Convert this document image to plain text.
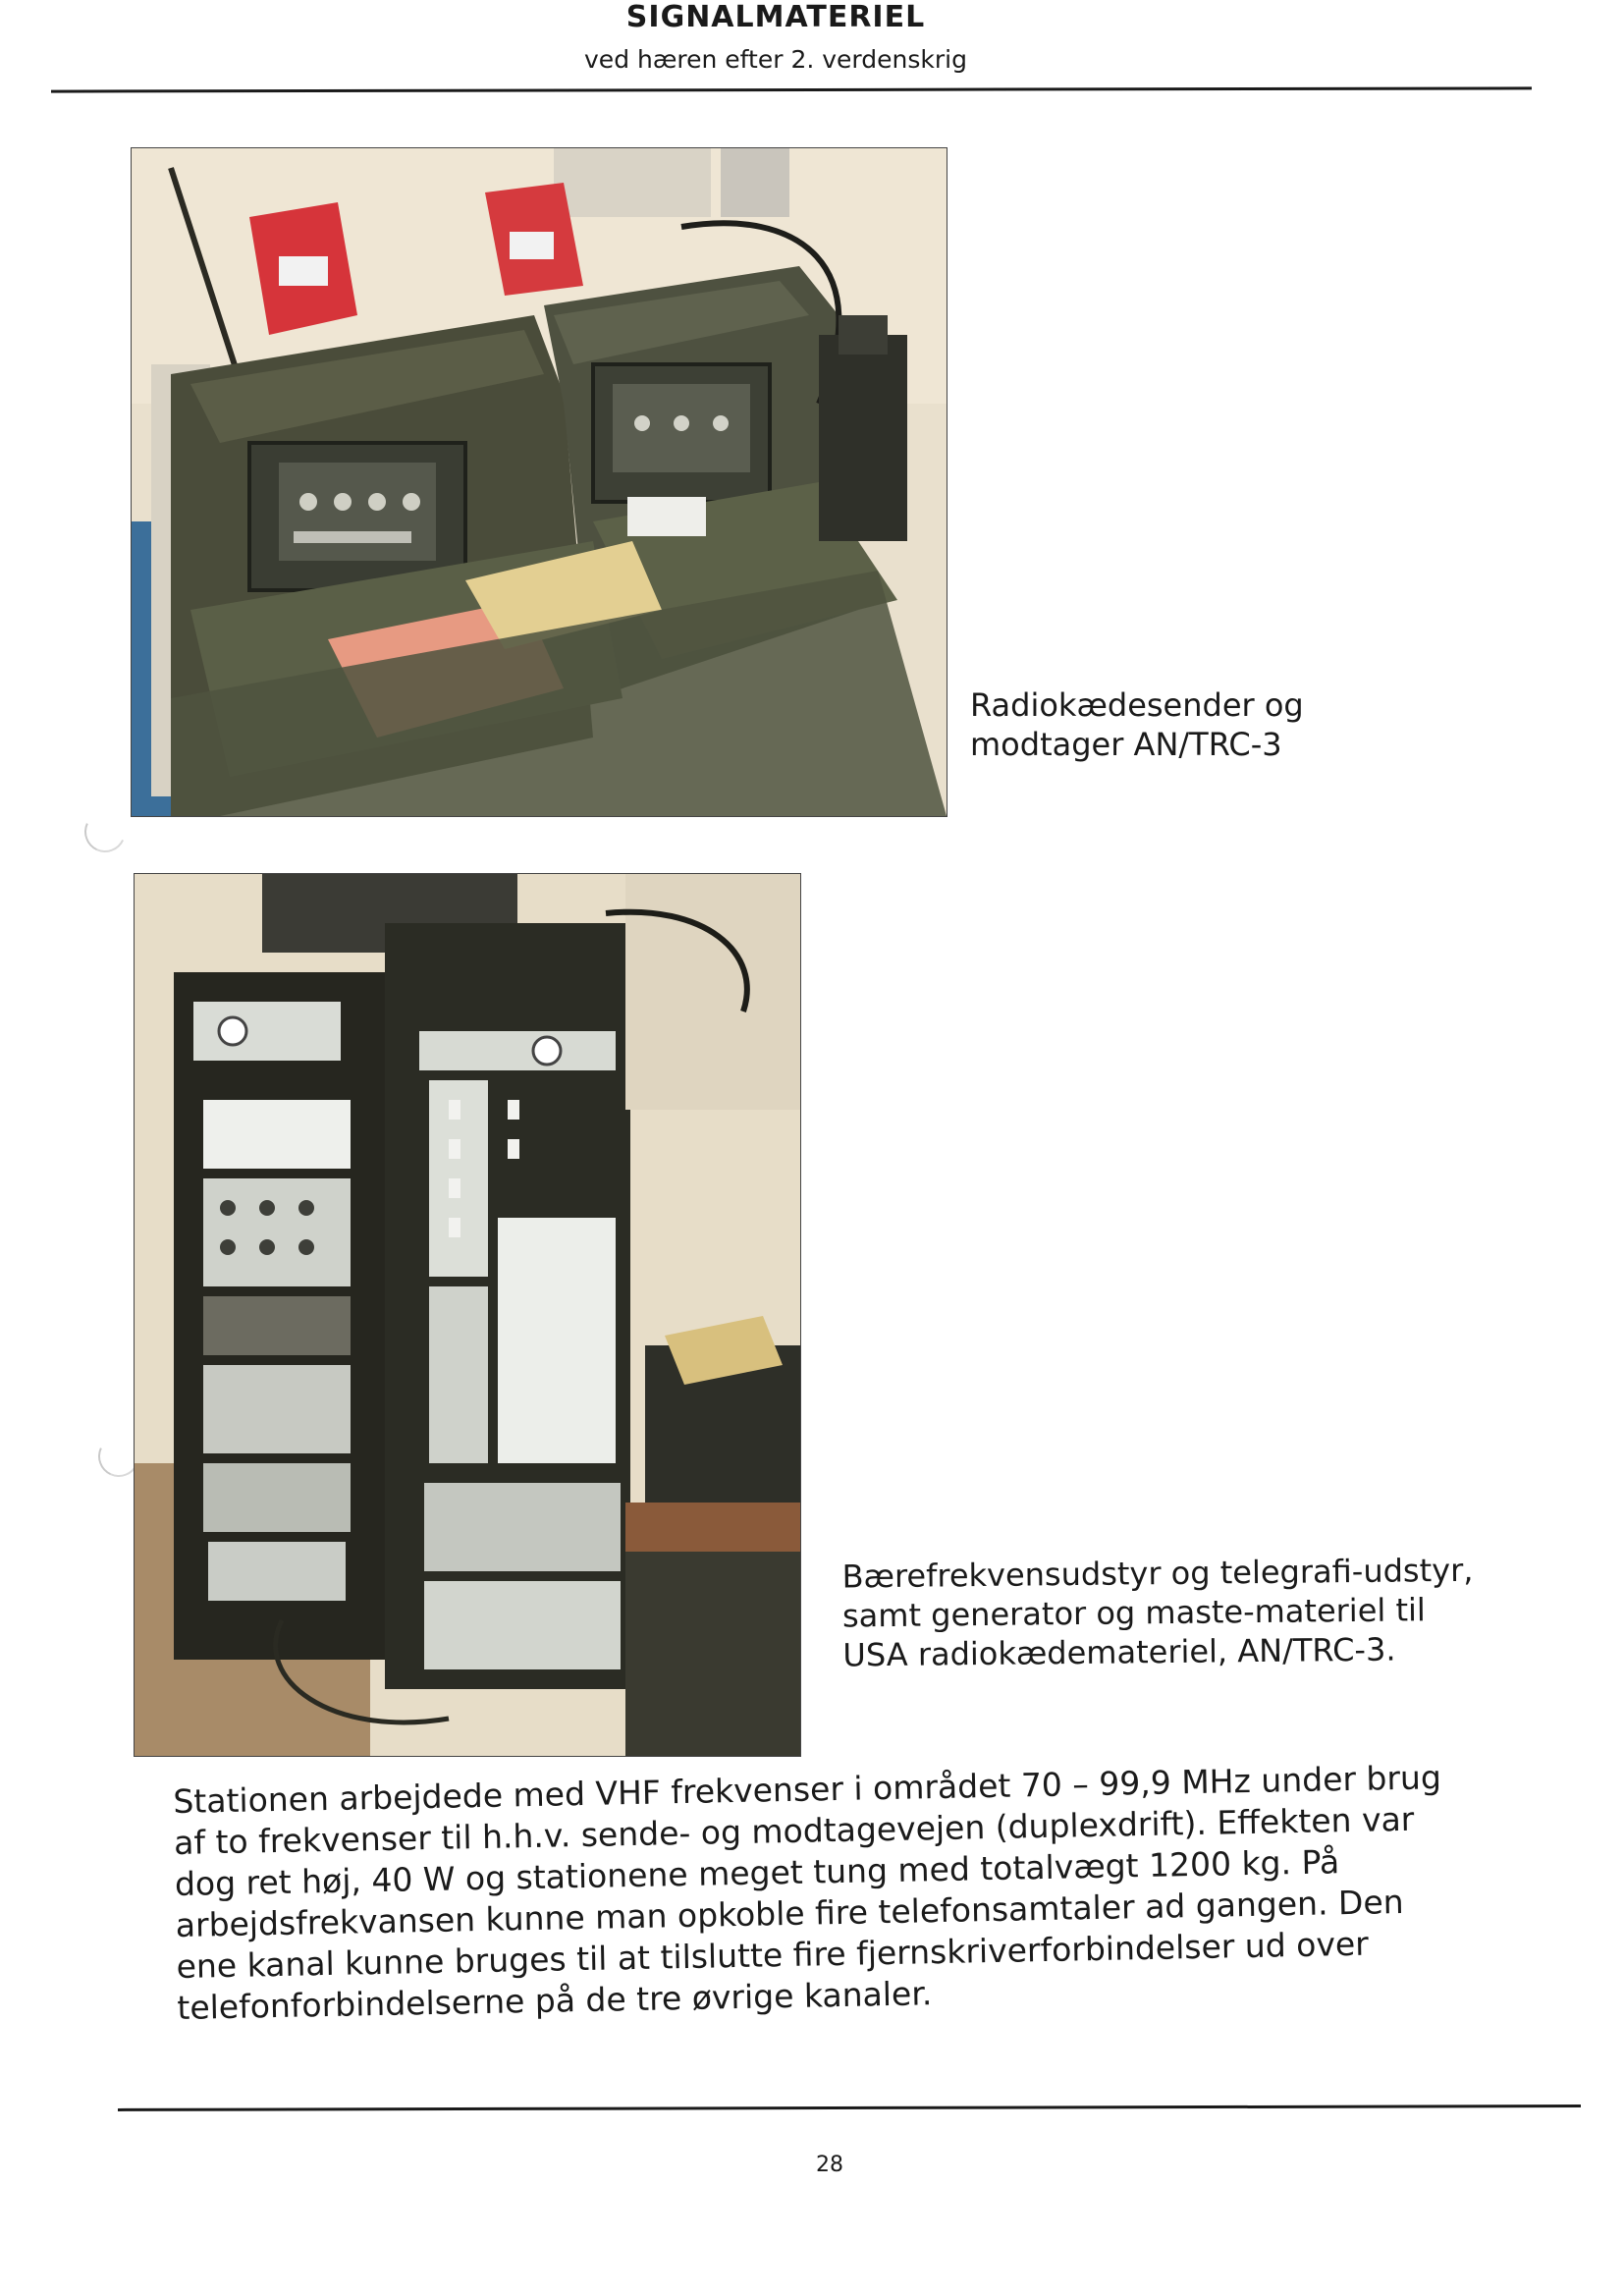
SIGNALMATERIEL
ved hæren efter 2. verdenskrig
Radiokædesender og modtager AN/TRC-3
Bærefrekvensudstyr og telegrafi-udstyr, samt generator og maste-materiel til USA radiokædemateriel, AN/TRC-3.

Stationen arbejdede med VHF frekvenser i området 70 – 99,9 MHz under brug af to frekvenser til h.h.v. sende- og modtagevejen (duplexdrift). Effekten var dog ret høj, 40 W og stationene meget tung med totalvægt 1200 kg. På arbejdsfrekvansen kunne man opkoble fire telefonsamtaler ad gangen. Den ene kanal kunne bruges til at tilslutte fire fjernskriverforbindelser ud over telefonforbindelserne på de tre øvrige kanaler.

28
